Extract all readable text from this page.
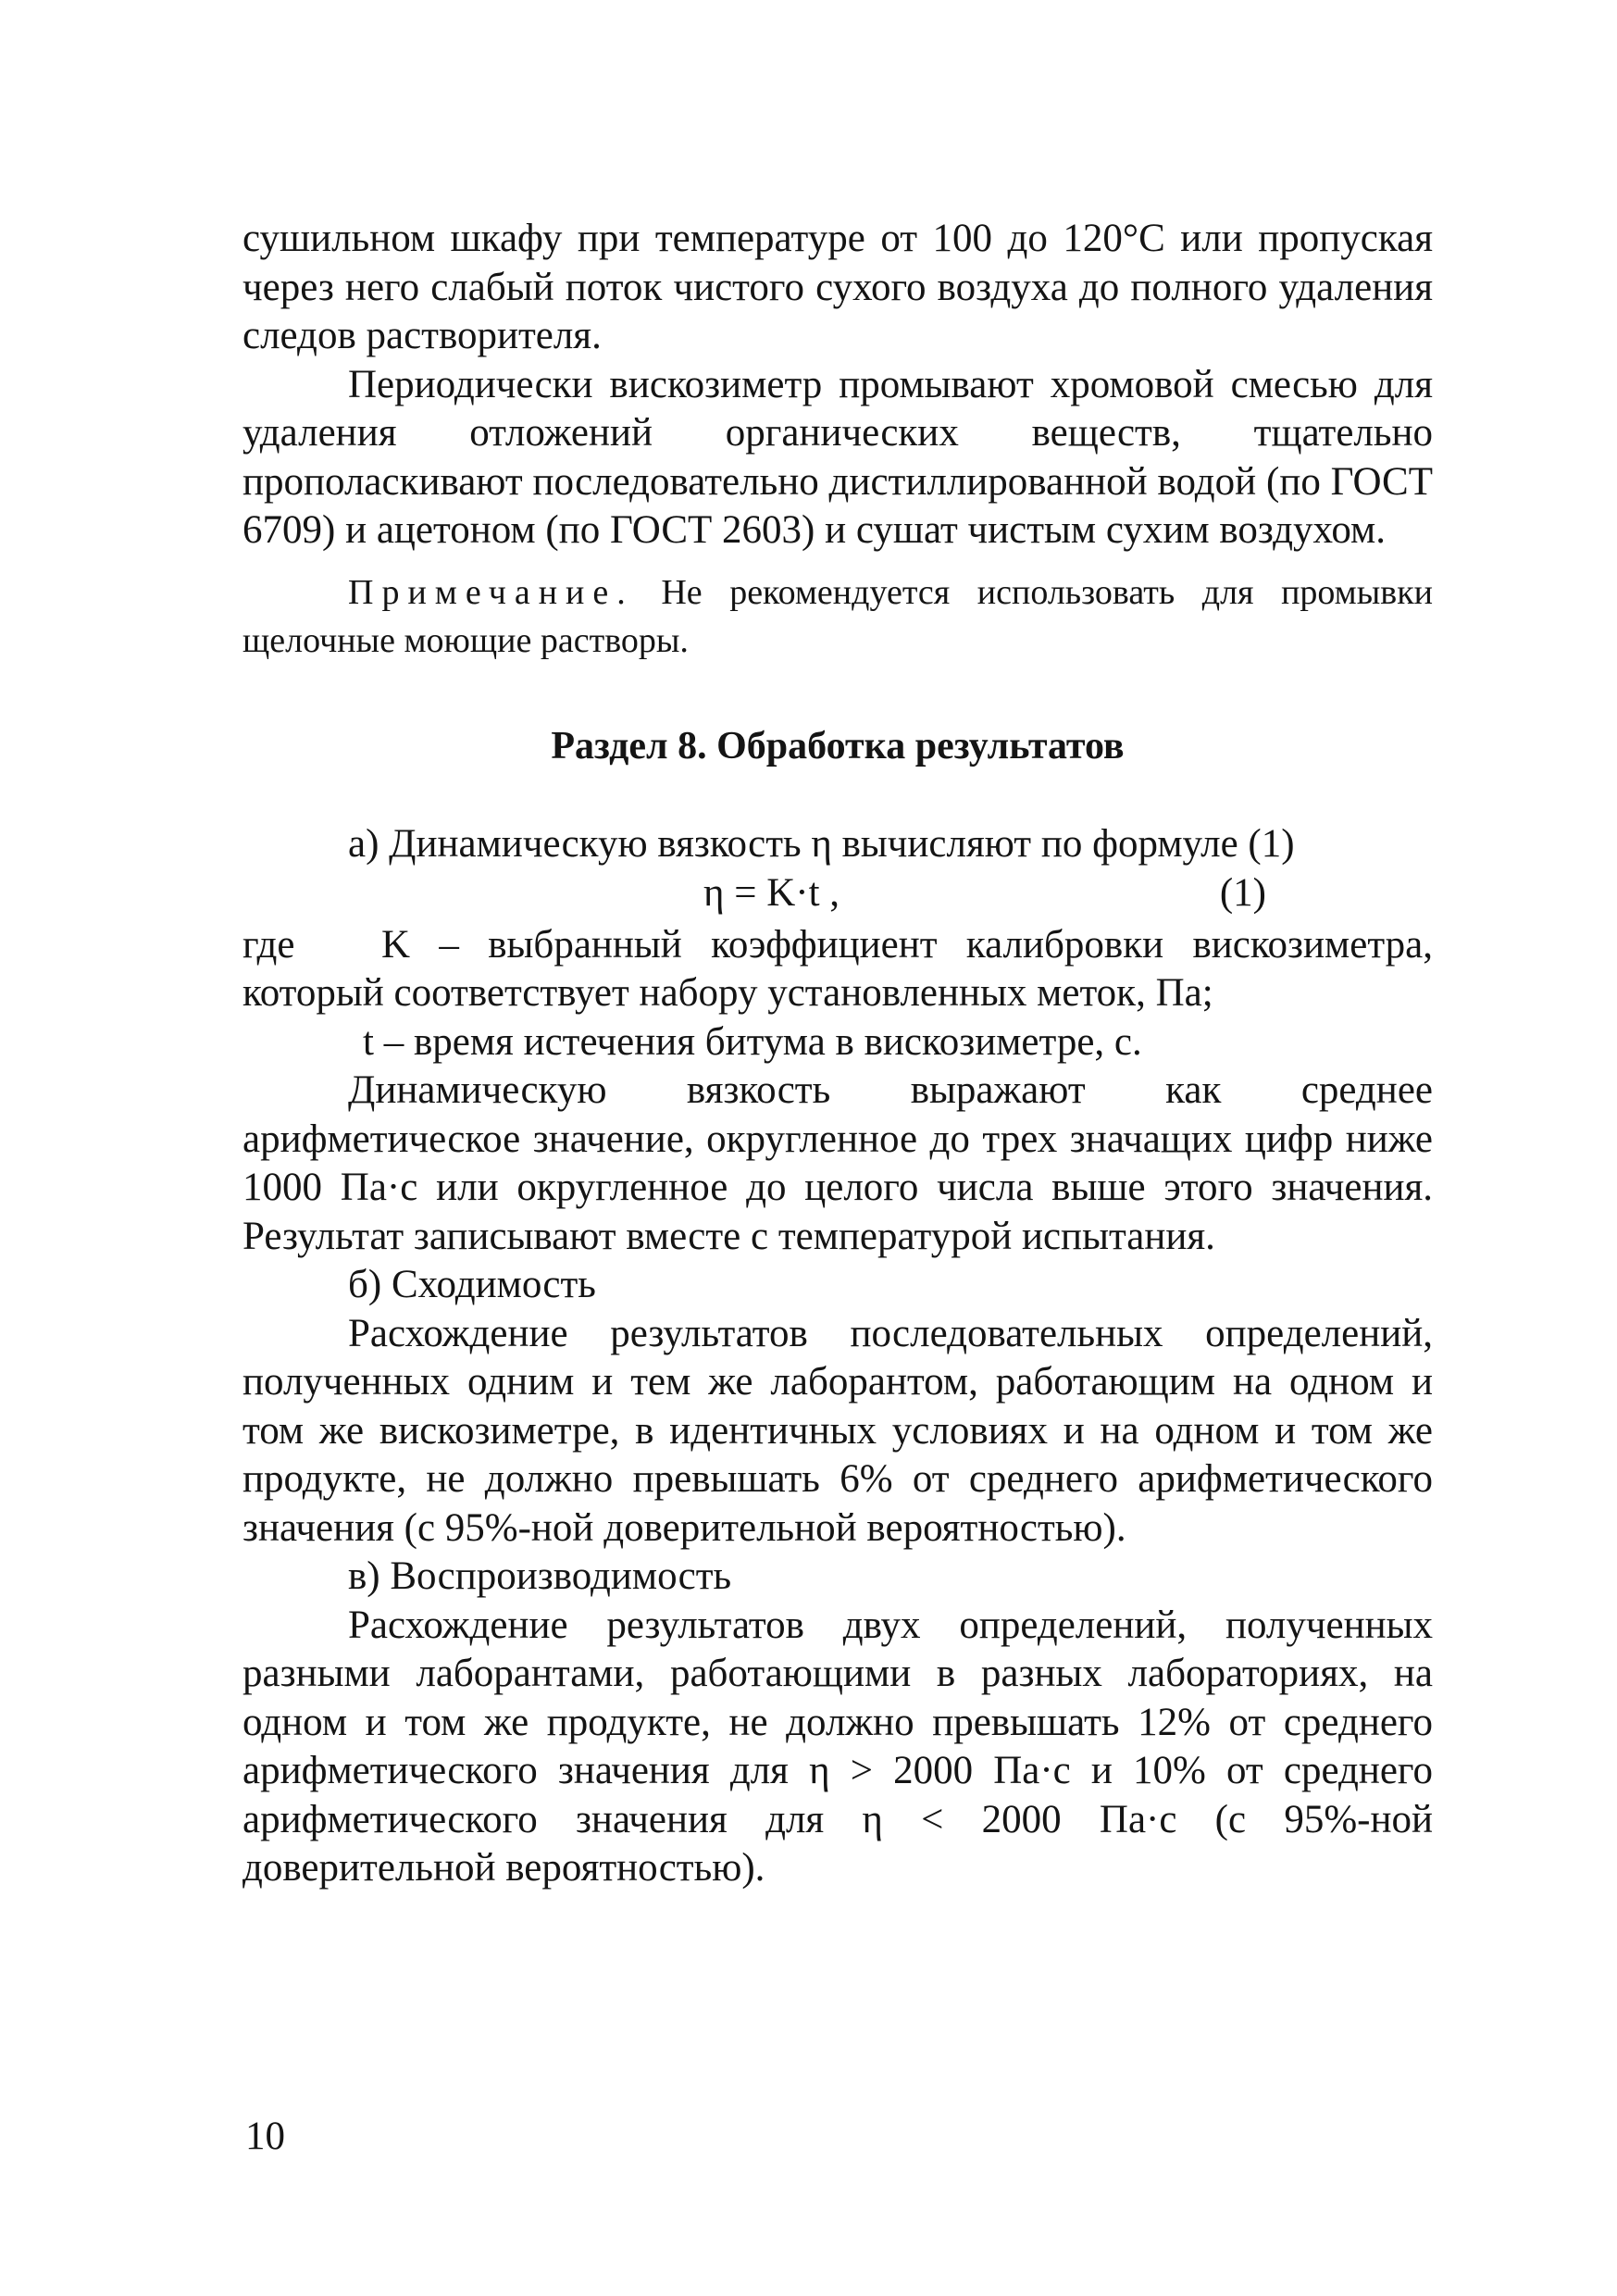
сушильном шкафу при температуре от 100 до 120°С или пропуская через него слабый поток чистого сухого воздуха до полного удаления следов растворителя.

Периодически вискозиметр промывают хромовой смесью для удаления отложений органических веществ, тщательно прополаскивают последовательно дистиллированной водой (по ГОСТ 6709) и ацетоном (по ГОСТ 2603) и сушат чистым сухим воздухом.

Примечание. Не рекомендуется использовать для промывки щелочные моющие растворы.

Раздел 8. Обработка результатов

а) Динамическую вязкость η вычисляют по формуле (1)

η = K·t ,	(1)
где	K – выбранный коэффициент калибровки вискозиметра,

который соответствует набору установленных меток, Па;

t – время истечения битума в вискозиметре, с.

Динамическую вязкость выражают как среднее арифметическое значение, округленное до трех значащих цифр ниже 1000 Па·с или округленное до целого числа выше этого значения. Результат записывают вместе с температурой испытания.

б) Сходимость

Расхождение результатов последовательных определений, полученных одним и тем же лаборантом, работающим на одном и том же вискозиметре, в идентичных условиях и на одном и том же продукте, не должно превышать 6% от среднего арифметического значения (с 95%-ной доверительной вероятностью).

в) Воспроизводимость

Расхождение результатов двух определений, полученных разными лаборантами, работающими в разных лабораториях, на одном и том же продукте, не должно превышать 12% от среднего арифметического значения для η > 2000 Па·с и 10% от среднего арифметического значения для η < 2000 Па·с (с 95%-ной доверительной вероятностью).

10
